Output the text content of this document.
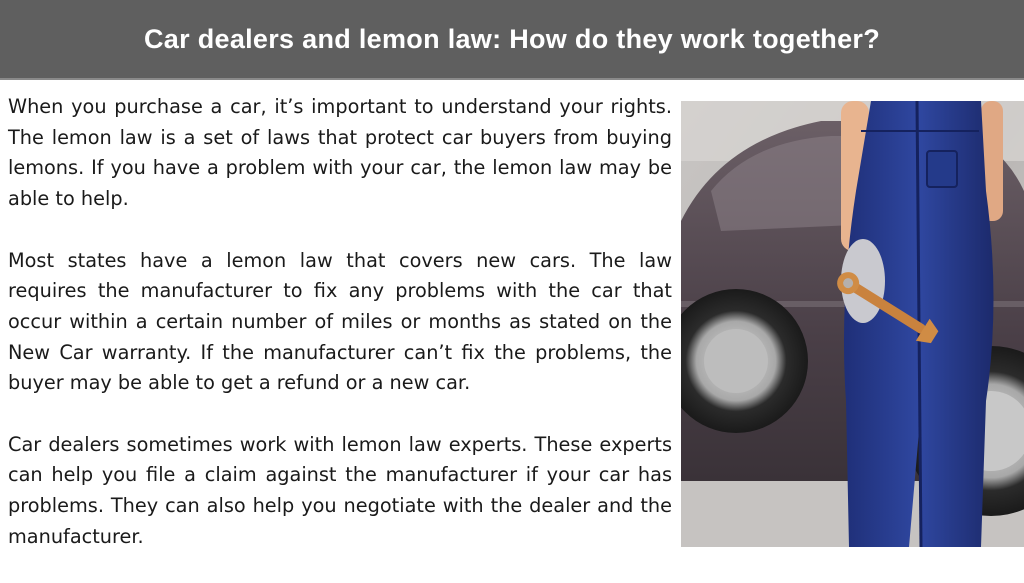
Car dealers and lemon law: How do they work together?

When you purchase a car, it’s important to understand your rights. The lemon law is a set of laws that protect car buyers from buying lemons. If you have a problem with your car, the lemon law may be able to help.

Most states have a lemon law that covers new cars. The law requires the manufacturer to fix any problems with the car that occur within a certain number of miles or months as stated on the New Car warranty. If the manufacturer can’t fix the problems, the buyer may be able to get a refund or a new car.

Car dealers sometimes work with lemon law experts. These experts can help you file a claim against the manufacturer if your car has problems. They can also help you negotiate with the dealer and the manufacturer.
